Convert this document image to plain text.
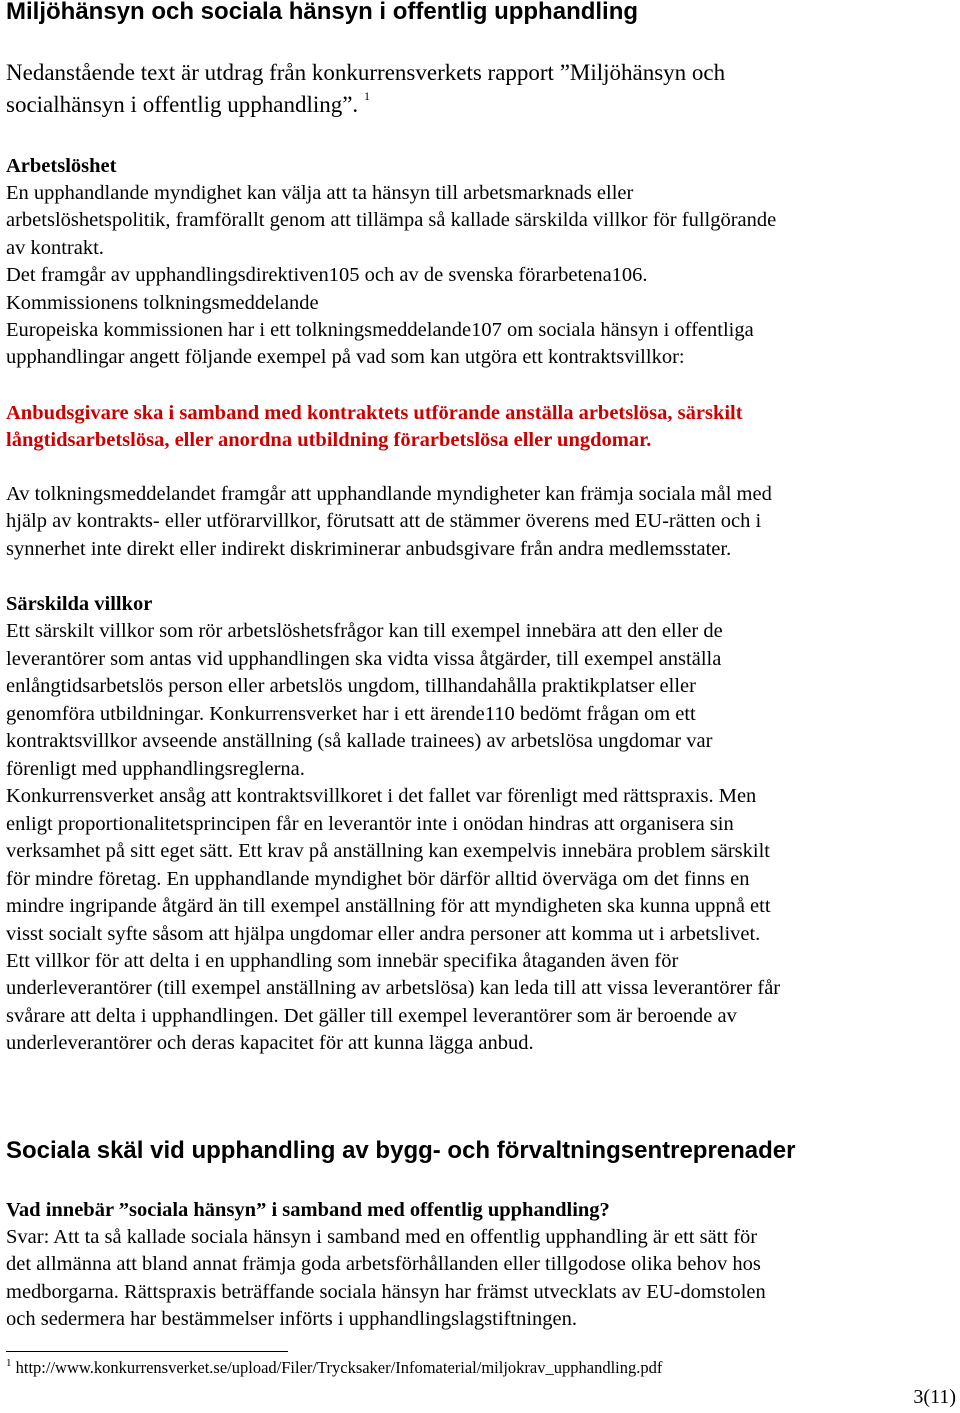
Miljöhänsyn och sociala hänsyn i offentlig upphandling
Nedanstående text är utdrag från konkurrensverkets rapport ”Miljöhänsyn och
socialhänsyn i offentlig upphandling”. $^1$
Arbetslöshet
En upphandlande myndighet kan välja att ta hänsyn till arbetsmarknads eller
arbetslöshetspolitik, framförallt genom att tillämpa så kallade särskilda villkor för fullgörande
av kontrakt.
Det framgår av upphandlingsdirektiven105 och av de svenska förarbetena106.
Kommissionens tolkningsmeddelande
Europeiska kommissionen har i ett tolkningsmeddelande107 om sociala hänsyn i offentliga
upphandlingar angett följande exempel på vad som kan utgöra ett kontraktsvillkor:
Anbudsgivare ska i samband med kontraktets utförande anställa arbetslösa, särskilt
långtidsarbetslösa, eller anordna utbildning förarbetslösa eller ungdomar.
Av tolkningsmeddelandet framgår att upphandlande myndigheter kan främja sociala mål med
hjälp av kontrakts- eller utförarvillkor, förutsatt att de stämmer överens med EU-rätten och i
synnerhet inte direkt eller indirekt diskriminerar anbudsgivare från andra medlemsstater.
Särskilda villkor
Ett särskilt villkor som rör arbetslöshetsfrågor kan till exempel innebära att den eller de
leverantörer som antas vid upphandlingen ska vidta vissa åtgärder, till exempel anställa
enlångtidsarbetslös person eller arbetslös ungdom, tillhandahålla praktikplatser eller
genomföra utbildningar. Konkurrensverket har i ett ärende110 bedömt frågan om ett
kontraktsvillkor avseende anställning (så kallade trainees) av arbetslösa ungdomar var
förenligt med upphandlingsreglerna.
Konkurrensverket ansåg att kontraktsvillkoret i det fallet var förenligt med rättspraxis. Men
enligt proportionalitetsprincipen får en leverantör inte i onödan hindras att organisera sin
verksamhet på sitt eget sätt. Ett krav på anställning kan exempelvis innebära problem särskilt
för mindre företag. En upphandlande myndighet bör därför alltid överväga om det finns en
mindre ingripande åtgärd än till exempel anställning för att myndigheten ska kunna uppnå ett
visst socialt syfte såsom att hjälpa ungdomar eller andra personer att komma ut i arbetslivet.
Ett villkor för att delta i en upphandling som innebär specifika åtaganden även för
underleverantörer (till exempel anställning av arbetslösa) kan leda till att vissa leverantörer får
svårare att delta i upphandlingen. Det gäller till exempel leverantörer som är beroende av
underleverantörer och deras kapacitet för att kunna lägga anbud.
Sociala skäl vid upphandling av bygg- och förvaltningsentreprenader
Vad innebär ”sociala hänsyn” i samband med offentlig upphandling?
Svar: Att ta så kallade sociala hänsyn i samband med en offentlig upphandling är ett sätt för
det allmänna att bland annat främja goda arbetsförhållanden eller tillgodose olika behov hos
medborgarna. Rättspraxis beträffande sociala hänsyn har främst utvecklats av EU-domstolen
och sedermera har bestämmelser införts i upphandlingslagstiftningen.
$^1$ http://www.konkurrensverket.se/upload/Filer/Trycksaker/Infomaterial/miljokrav_upphandling.pdf
3(11)
